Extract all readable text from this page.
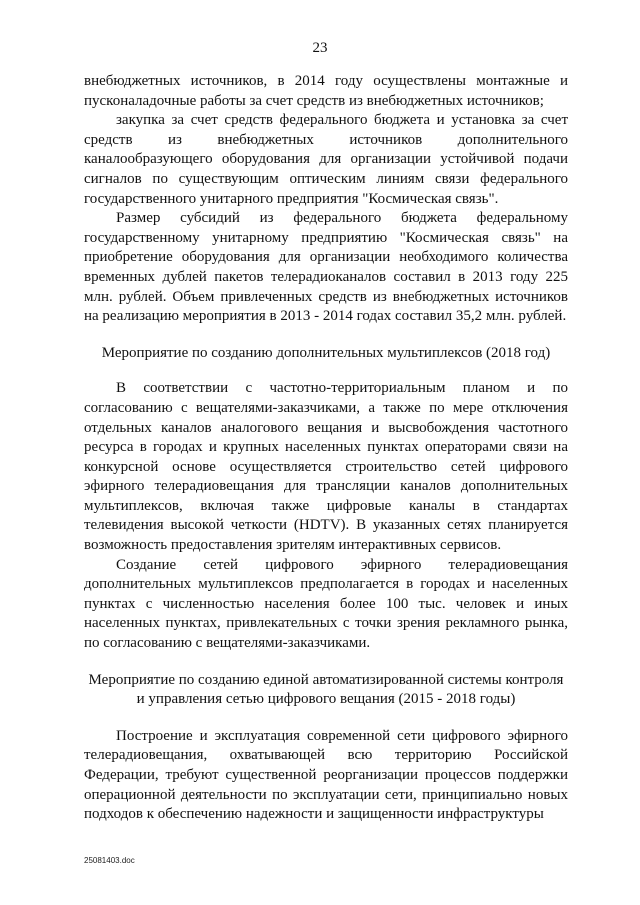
23

внебюджетных источников, в 2014 году осуществлены монтажные и пусконаладочные работы за счет средств из внебюджетных источников;

закупка за счет средств федерального бюджета и установка за счет средств из внебюджетных источников дополнительного каналообразующего оборудования для организации устойчивой подачи сигналов по существующим оптическим линиям связи федерального государственного унитарного предприятия "Космическая связь".

Размер субсидий из федерального бюджета федеральному государственному унитарному предприятию "Космическая связь" на приобретение оборудования для организации необходимого количества временных дублей пакетов телерадиоканалов составил в 2013 году 225 млн. рублей. Объем привлеченных средств из внебюджетных источников на реализацию мероприятия в 2013 - 2014 годах составил 35,2 млн. рублей.

Мероприятие по созданию дополнительных мультиплексов (2018 год)

В соответствии с частотно-территориальным планом и по согласованию с вещателями-заказчиками, а также по мере отключения отдельных каналов аналогового вещания и высвобождения частотного ресурса в городах и крупных населенных пунктах операторами связи на конкурсной основе осуществляется строительство сетей цифрового эфирного телерадиовещания для трансляции каналов дополнительных мультиплексов, включая также цифровые каналы в стандартах телевидения высокой четкости (HDTV). В указанных сетях планируется возможность предоставления зрителям интерактивных сервисов.

Создание сетей цифрового эфирного телерадиовещания дополнительных мультиплексов предполагается в городах и населенных пунктах с численностью населения более 100 тыс. человек и иных населенных пунктах, привлекательных с точки зрения рекламного рынка, по согласованию с вещателями-заказчиками.

Мероприятие по созданию единой автоматизированной системы контроля и управления сетью цифрового вещания (2015 - 2018 годы)

Построение и эксплуатация современной сети цифрового эфирного телерадиовещания, охватывающей всю территорию Российской Федерации, требуют существенной реорганизации процессов поддержки операционной деятельности по эксплуатации сети, принципиально новых подходов к обеспечению надежности и защищенности инфраструктуры

25081403.doc
